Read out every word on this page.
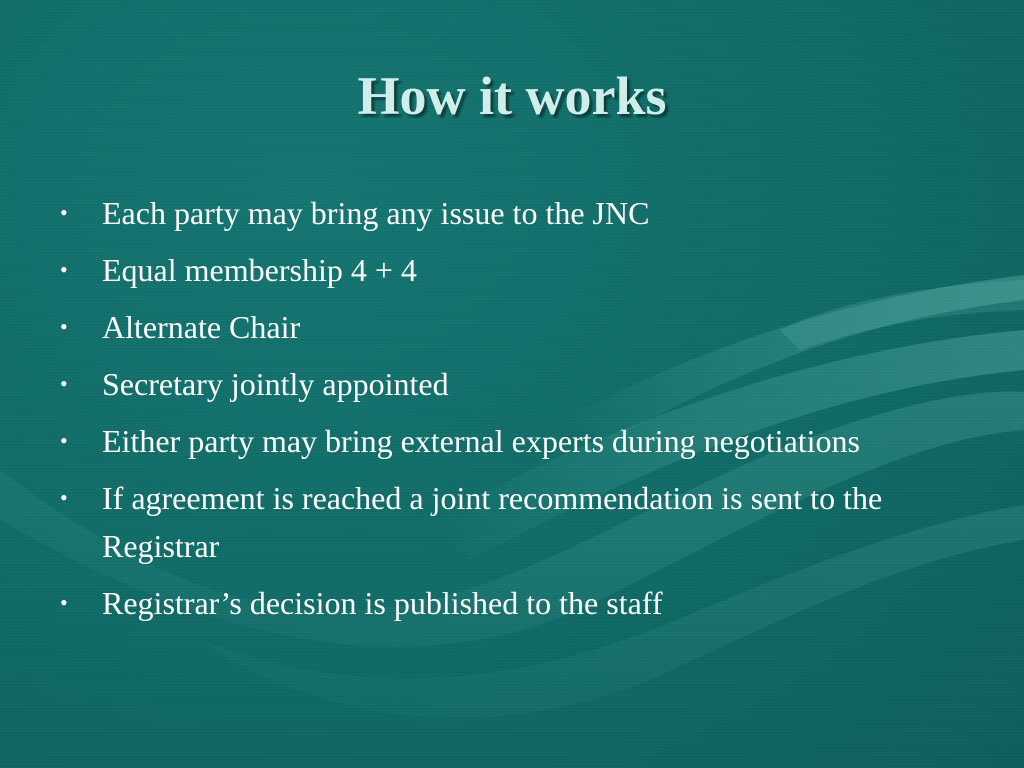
How it works
•	Each party may bring any issue to the JNC
•	Equal membership 4 + 4
•	Alternate Chair
•	Secretary jointly appointed
•	Either party may bring external experts during negotiations
•	If agreement is reached a joint recommendation is sent to the Registrar
•	Registrar’s decision is published to the staff
